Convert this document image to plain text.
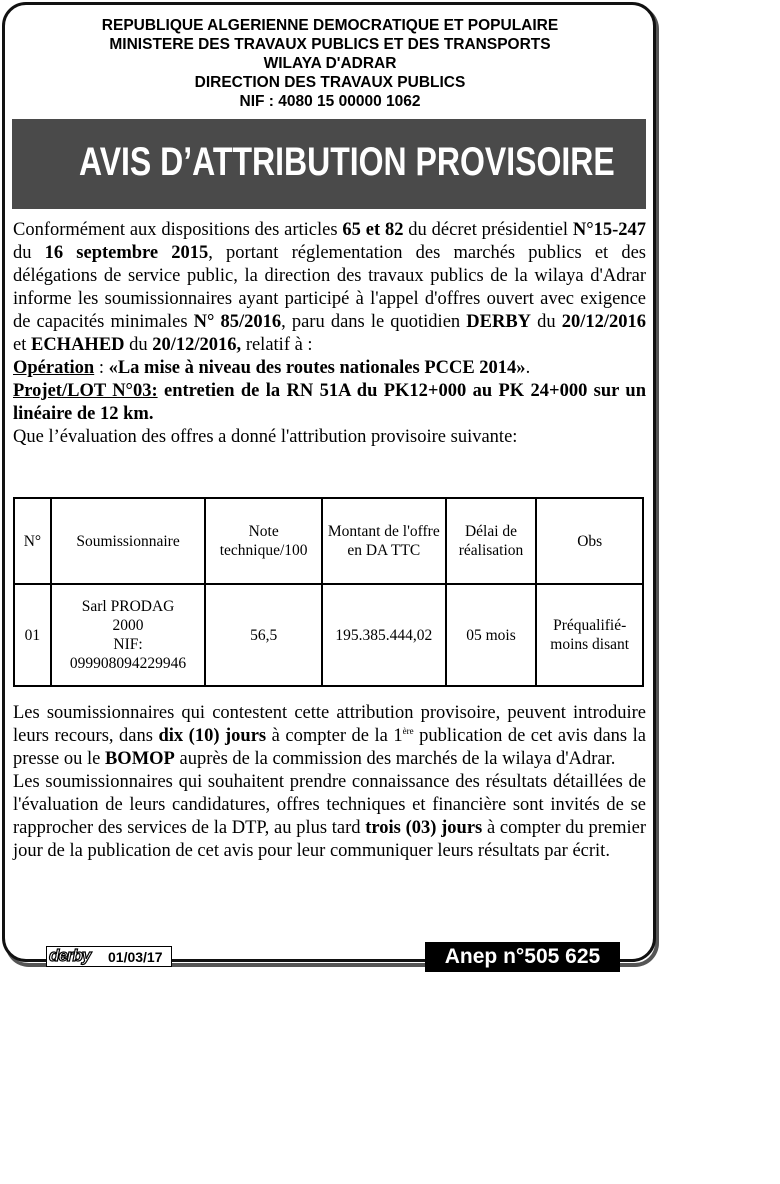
REPUBLIQUE ALGERIENNE DEMOCRATIQUE ET POPULAIRE
MINISTERE DES TRAVAUX PUBLICS ET DES TRANSPORTS
WILAYA D'ADRAR
DIRECTION DES TRAVAUX PUBLICS
NIF : 4080 15 00000 1062
AVIS D’ATTRIBUTION PROVISOIRE

Conformément aux dispositions des articles 65 et 82 du décret présidentiel N°15-247 du 16 septembre 2015, portant réglementation des marchés publics et des délégations de service public, la direction des travaux publics de la wilaya d'Adrar informe les soumissionnaires ayant participé à l'appel d'offres ouvert avec exigence de capacités minimales N° 85/2016, paru dans le quotidien DERBY du 20/12/2016 et ECHAHED du 20/12/2016, relatif à :

Opération : «La mise à niveau des routes nationales PCCE 2014».

Projet/LOT N°03: entretien de la RN 51A du PK12+000 au PK 24+000 sur un linéaire de 12 km.

Que l’évaluation des offres a donné l'attribution provisoire suivante:

N°	Soumissionnaire	Note technique/100	Montant de l'offre en DA TTC	Délai de réalisation	Obs
01	Sarl PRODAG
2000
NIF:
099908094229946	56,5	195.385.444,02	05 mois	Préqualifié-moins disant

Les soumissionnaires qui contestent cette attribution provisoire, peuvent introduire leurs recours, dans dix (10) jours à compter de la 1ère publication de cet avis dans la presse ou le BOMOP auprès de la commission des marchés de la wilaya d'Adrar.

Les soumissionnaires qui souhaitent prendre connaissance des résultats détaillées de l'évaluation de leurs candidatures, offres techniques et financière sont invités de se rapprocher des services de la DTP, au plus tard trois (03) jours à compter du premier jour de la publication de cet avis pour leur communiquer leurs résultats par écrit.

derby 01/03/17	Anep n°505 625
